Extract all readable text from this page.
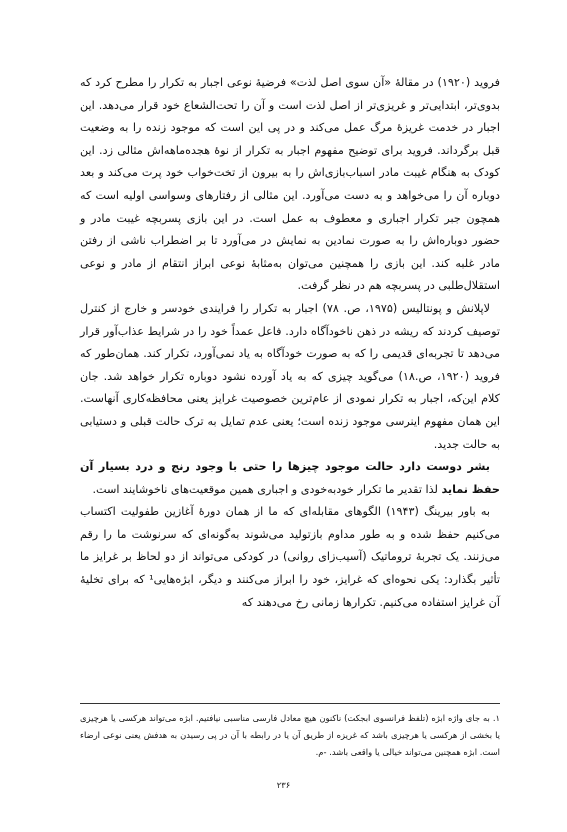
فروید (۱۹۲۰) در مقالهٔ «آن سوی اصل لذت» فرضیهٔ نوعی اجبار به تکرار را مطرح کرد که بدوی‌تر، ابتدایی‌تر و غریزی‌تر از اصل لذت است و آن را تحت‌الشعاع خود قرار می‌دهد. این اجبار در خدمت غریزهٔ مرگ عمل می‌کند و در پی این است که موجود زنده را به وضعیت قبل برگرداند. فروید برای توضیح مفهوم اجبار به تکرار از نوهٔ هجده‌ماهه‌اش مثالی زد. این کودک به هنگام غیبت مادر اسباب‌بازی‌اش را به بیرون از تخت‌خواب خود پرت می‌کند و بعد دوباره آن را می‌خواهد و به دست می‌آورد. این مثالی از رفتارهای وسواسی اولیه است که همچون جبر تکرار اجباری و معطوف به عمل است. در این بازی پسربچه غیبت مادر و حضور دوباره‌اش را به صورت نمادین به نمایش در می‌آورد تا بر اضطراب ناشی از رفتن مادر غلبه کند. این بازی را همچنین می‌توان به‌مثابهٔ نوعی ابراز انتقام از مادر و نوعی استقلال‌طلبی در پسربچه هم در نظر گرفت.

لاپلانش و پونتالیس (۱۹۷۵، ص. ۷۸) اجبار به تکرار را فرایندی خودسر و خارج از کنترل توصیف کردند که ریشه در ذهن ناخودآگاه دارد. فاعل عمداً خود را در شرایط عذاب‌آور قرار می‌دهد تا تجربه‌ای قدیمی را که به صورت خودآگاه به یاد نمی‌آورد، تکرار کند. همان‌طور که فروید (۱۹۲۰، ص.۱۸) می‌گوید چیزی که به یاد آورده نشود دوباره تکرار خواهد شد. جان کلام این‌که، اجبار به تکرار نمودی از عام‌ترین خصوصیت غرایز یعنی محافظه‌کاری آنهاست. این همان مفهوم اینرسی موجود زنده است؛ یعنی عدم تمایل به ترک حالت قبلی و دستیابی به حالت جدید.

بشر دوست دارد حالت موجود چیزها را حتی با وجود رنج و درد بسیار آن حفظ نماید لذا تقدیر ما تکرار خودبه‌خودی و اجباری همین موقعیت‌های ناخوشایند است.

به باور بیرینگ (۱۹۴۳) الگوهای مقابله‌ای که ما از همان دورهٔ آغازین طفولیت اکتساب می‌کنیم حفظ شده و به طور مداوم بازتولید می‌شوند به‌گونه‌ای که سرنوشت ما را رقم می‌زنند. یک تجربهٔ تروماتیک (آسیب‌زای روانی) در کودکی می‌تواند از دو لحاظ بر غرایز ما تأثیر بگذارد: یکی نحوه‌ای که غرایز، خود را ابراز می‌کنند و دیگر، ابژه‌هایی¹ که برای تخلیهٔ آن غرایز استفاده می‌کنیم. تکرارها زمانی رخ می‌دهند که

۱. به جای واژه ابژه (تلفظ فرانسوی ابجکت) ناکنون هیچ معادل فارسی مناسبی نیافتیم. ابژه می‌تواند هرکسی یا هرچیزی یا بخشی از هرکسی یا هرچیزی باشد که غریزه از طریق آن یا در رابطه با آن در پی رسیدن به هدفش یعنی نوعی ارضاء است. ابژه همچنین می‌تواند خیالی یا واقعی باشد. -م.
۲۳۶
